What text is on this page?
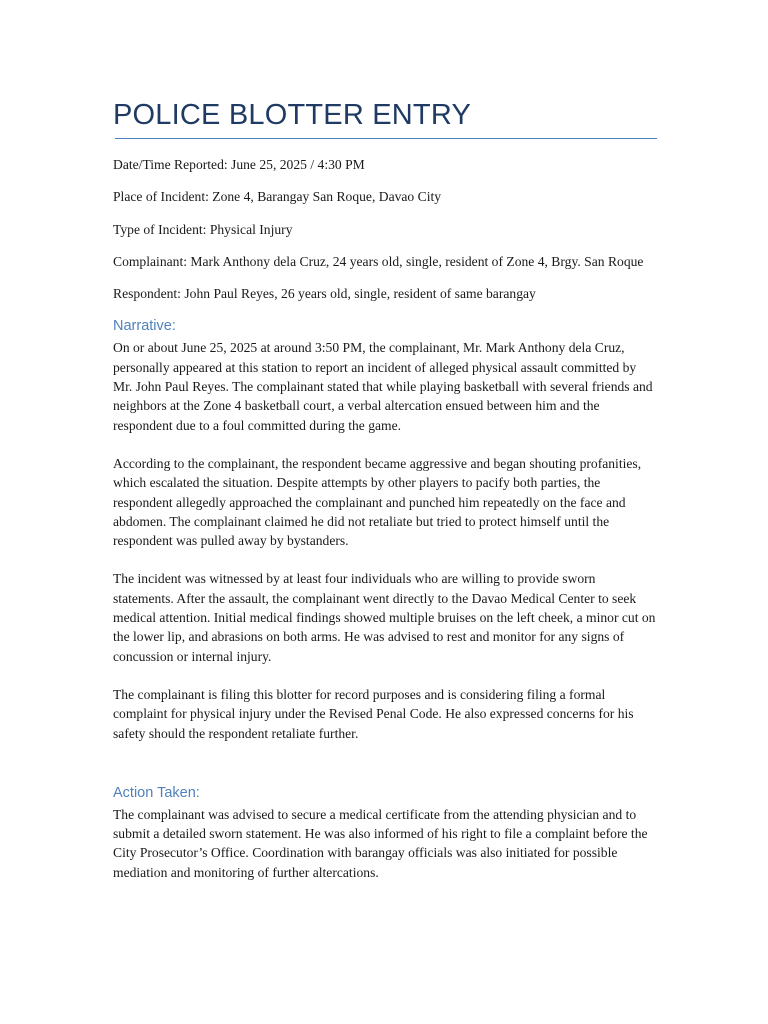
POLICE BLOTTER ENTRY

Date/Time Reported: June 25, 2025 / 4:30 PM

Place of Incident: Zone 4, Barangay San Roque, Davao City

Type of Incident: Physical Injury

Complainant: Mark Anthony dela Cruz, 24 years old, single, resident of Zone 4, Brgy. San Roque

Respondent: John Paul Reyes, 26 years old, single, resident of same barangay

Narrative:

On or about June 25, 2025 at around 3:50 PM, the complainant, Mr. Mark Anthony dela Cruz, personally appeared at this station to report an incident of alleged physical assault committed by Mr. John Paul Reyes. The complainant stated that while playing basketball with several friends and neighbors at the Zone 4 basketball court, a verbal altercation ensued between him and the respondent due to a foul committed during the game.

According to the complainant, the respondent became aggressive and began shouting profanities, which escalated the situation. Despite attempts by other players to pacify both parties, the respondent allegedly approached the complainant and punched him repeatedly on the face and abdomen. The complainant claimed he did not retaliate but tried to protect himself until the respondent was pulled away by bystanders.

The incident was witnessed by at least four individuals who are willing to provide sworn statements. After the assault, the complainant went directly to the Davao Medical Center to seek medical attention. Initial medical findings showed multiple bruises on the left cheek, a minor cut on the lower lip, and abrasions on both arms. He was advised to rest and monitor for any signs of concussion or internal injury.

The complainant is filing this blotter for record purposes and is considering filing a formal complaint for physical injury under the Revised Penal Code. He also expressed concerns for his safety should the respondent retaliate further.

Action Taken:

The complainant was advised to secure a medical certificate from the attending physician and to submit a detailed sworn statement. He was also informed of his right to file a complaint before the City Prosecutor’s Office. Coordination with barangay officials was also initiated for possible mediation and monitoring of further altercations.
